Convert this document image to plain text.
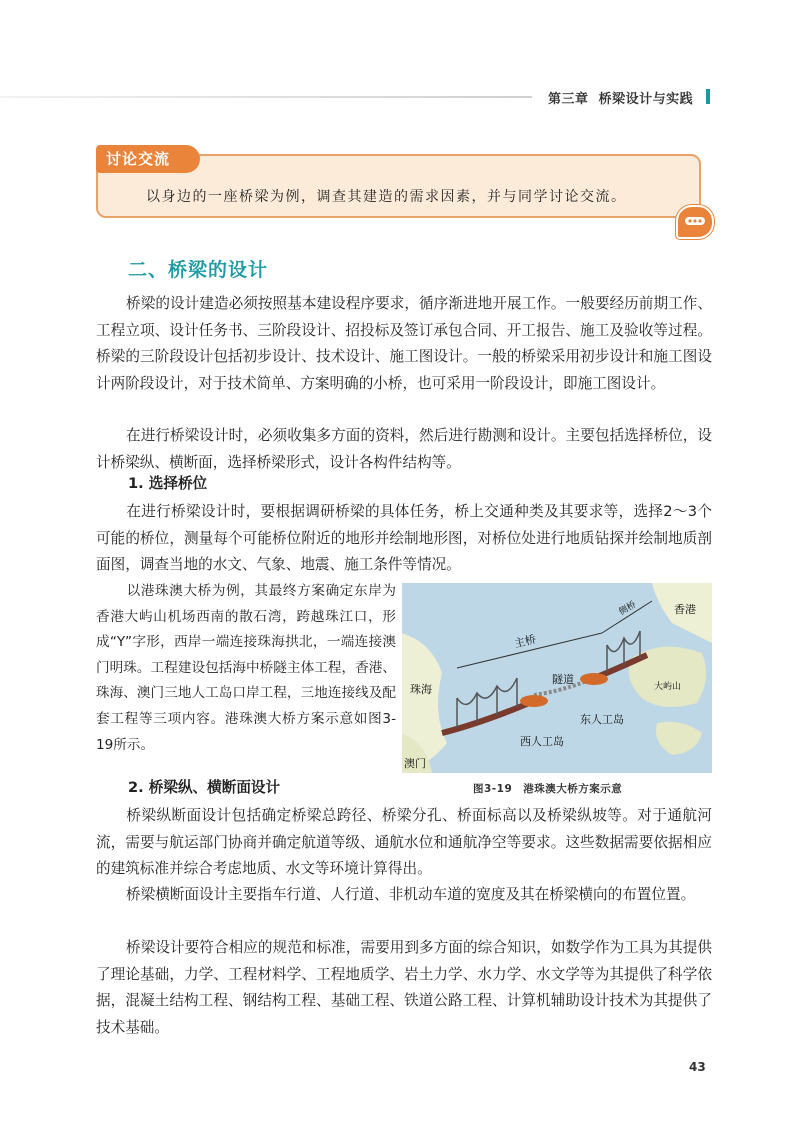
第三章 桥梁设计与实践
讨论交流
以身边的一座桥梁为例，调查其建造的需求因素，并与同学讨论交流。
二、桥梁的设计
桥梁的设计建造必须按照基本建设程序要求，循序渐进地开展工作。一般要经历前期工作、工程立项、设计任务书、三阶段设计、招投标及签订承包合同、开工报告、施工及验收等过程。桥梁的三阶段设计包括初步设计、技术设计、施工图设计。一般的桥梁采用初步设计和施工图设计两阶段设计，对于技术简单、方案明确的小桥，也可采用一阶段设计，即施工图设计。
在进行桥梁设计时，必须收集多方面的资料，然后进行勘测和设计。主要包括选择桥位，设计桥梁纵、横断面，选择桥梁形式，设计各构件结构等。
1. 选择桥位
在进行桥梁设计时，要根据调研桥梁的具体任务，桥上交通种类及其要求等，选择2～3个可能的桥位，测量每个可能桥位附近的地形并绘制地形图，对桥位处进行地质钻探并绘制地质剖面图，调查当地的水文、气象、地震、施工条件等情况。
以港珠澳大桥为例，其最终方案确定东岸为香港大屿山机场西南的散石湾，跨越珠江口，形成“Y”字形，西岸一端连接珠海拱北，一端连接澳门明珠。工程建设包括海中桥隧主体工程，香港、珠海、澳门三地人工岛口岸工程，三地连接线及配套工程等三项内容。港珠澳大桥方案示意如图3-19所示。
2. 桥梁纵、横断面设计
桥梁纵断面设计包括确定桥梁总跨径、桥梁分孔、桥面标高以及桥梁纵坡等。对于通航河流，需要与航运部门协商并确定航道等级、通航水位和通航净空等要求。这些数据需要依据相应的建筑标准并综合考虑地质、水文等环境计算得出。
桥梁横断面设计主要指车行道、人行道、非机动车道的宽度及其在桥梁横向的布置位置。
桥梁设计要符合相应的规范和标准，需要用到多方面的综合知识，如数学作为工具为其提供了理论基础，力学、工程材料学、工程地质学、岩土力学、水力学、水文学等为其提供了科学依据，混凝土结构工程、钢结构工程、基础工程、铁道公路工程、计算机辅助设计技术为其提供了技术基础。
香港
珠海
澳门
大屿山
主桥
隧道
东人工岛
西人工岛
侧桥
图3-19　港珠澳大桥方案示意
43
